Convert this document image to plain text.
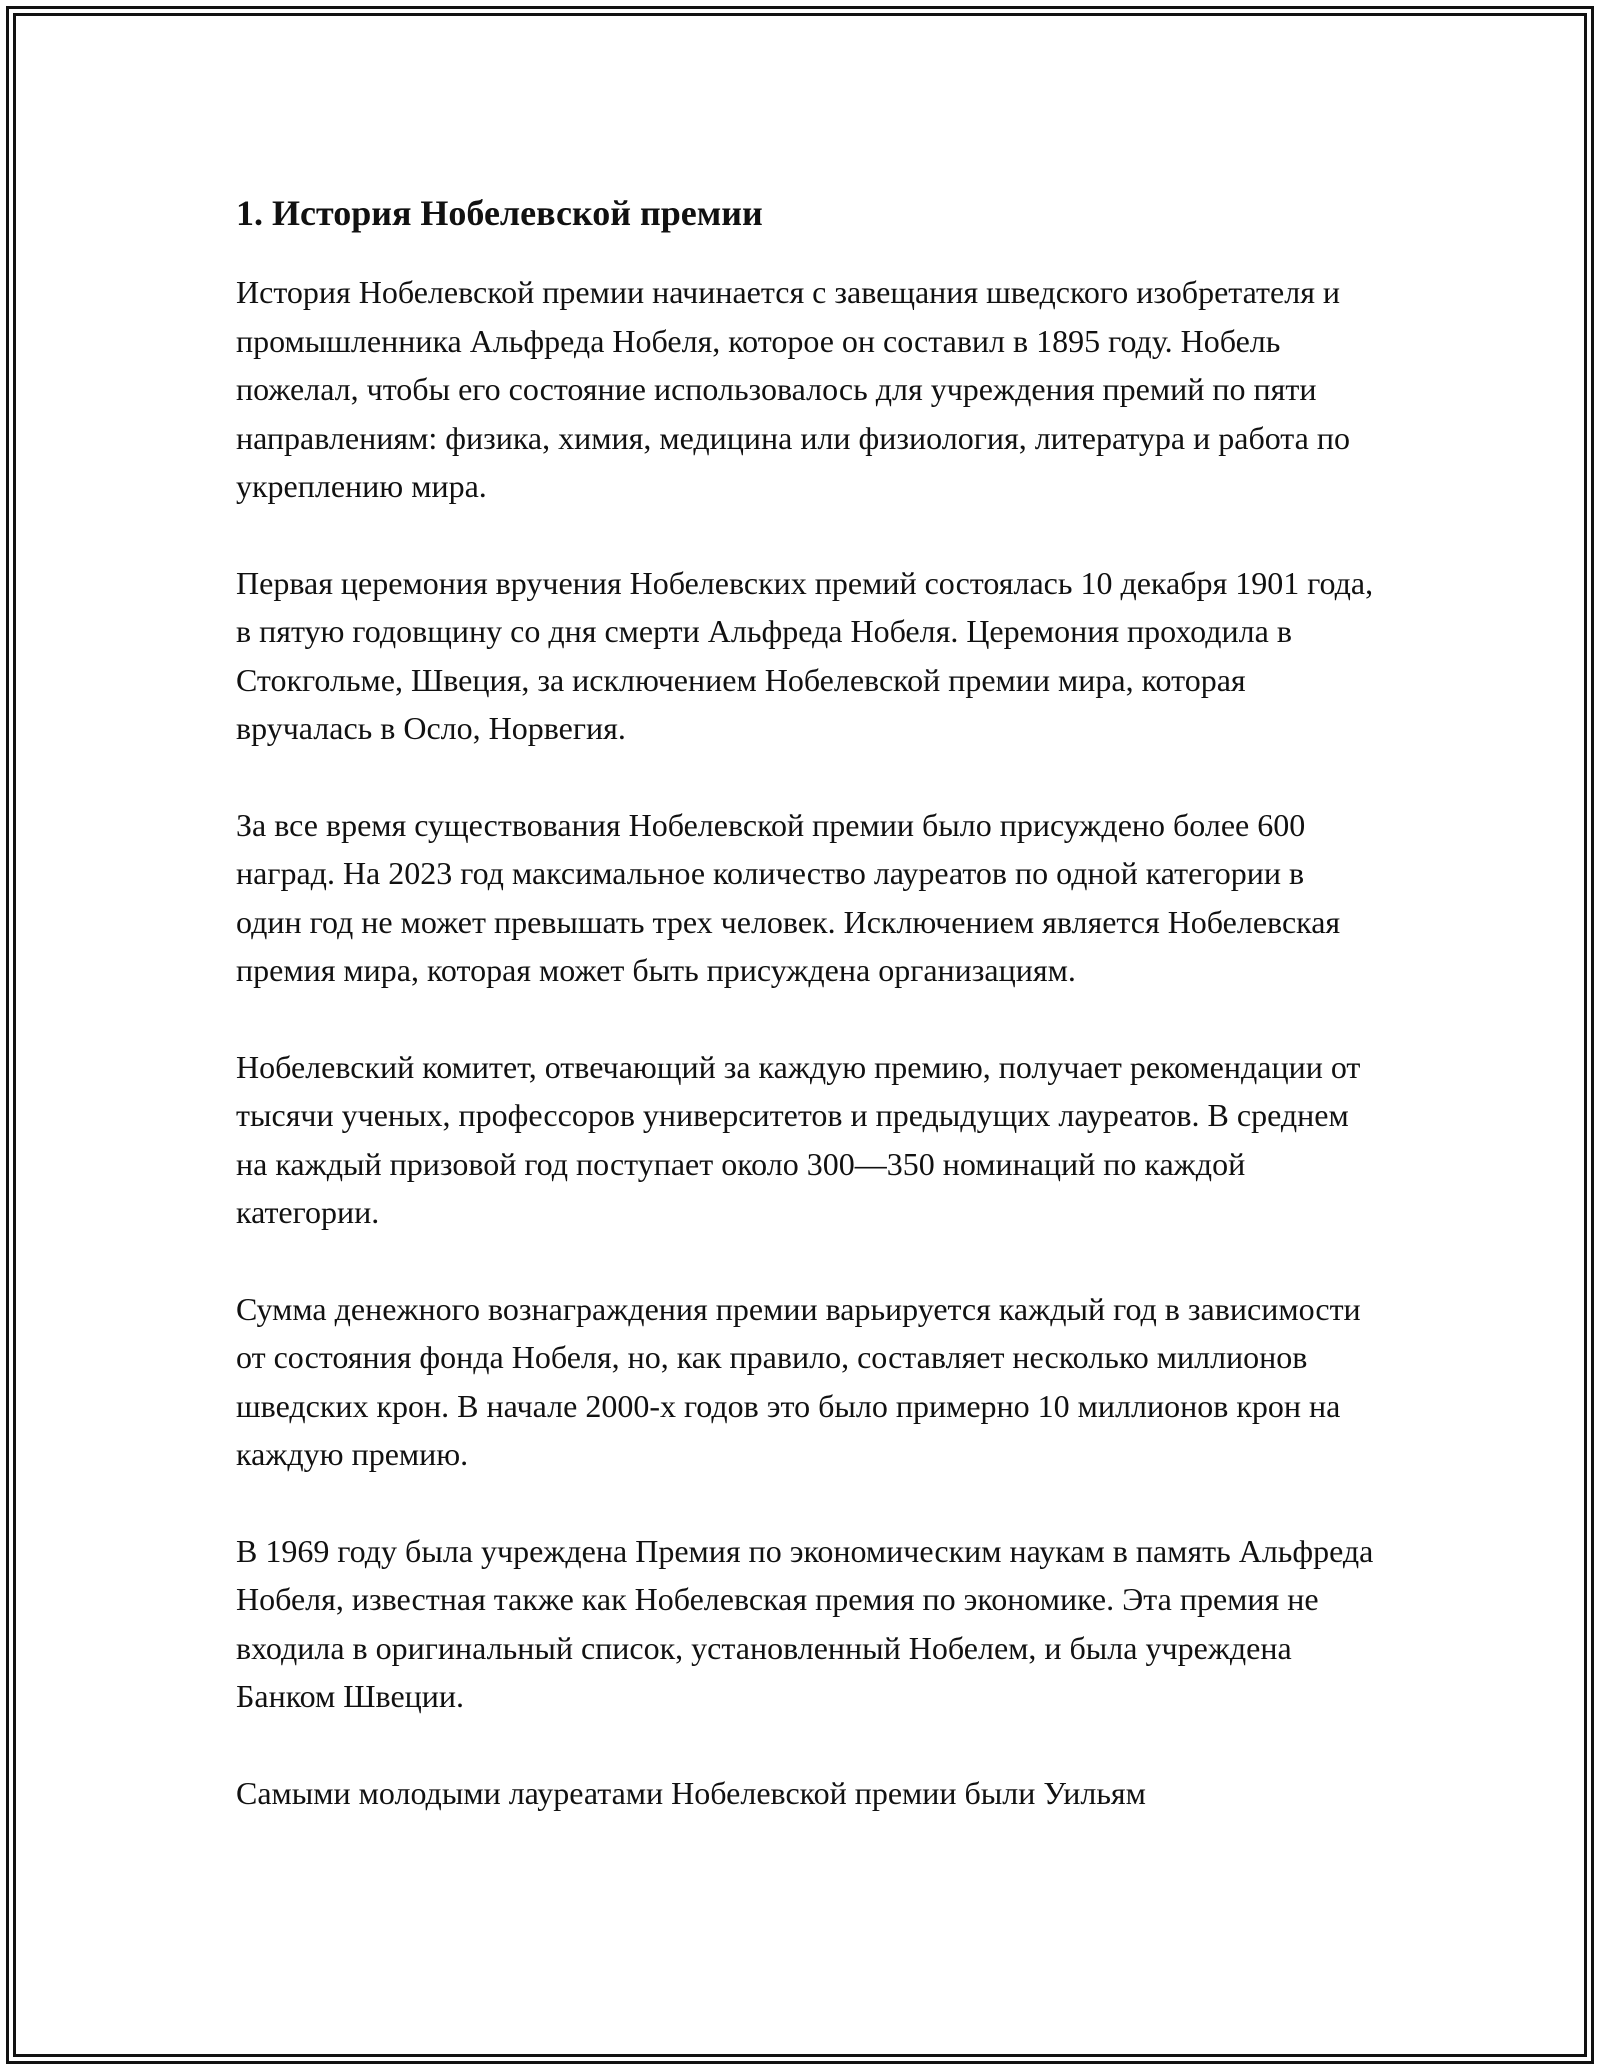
1. История Нобелевской премии

История Нобелевской премии начинается с завещания шведского изобретателя и промышленника Альфреда Нобеля, которое он составил в 1895 году. Нобель пожелал, чтобы его состояние использовалось для учреждения премий по пяти направлениям: физика, химия, медицина или физиология, литература и работа по укреплению мира.

Первая церемония вручения Нобелевских премий состоялась 10 декабря 1901 года, в пятую годовщину со дня смерти Альфреда Нобеля. Церемония проходила в Стокгольме, Швеция, за исключением Нобелевской премии мира, которая вручалась в Осло, Норвегия.

За все время существования Нобелевской премии было присуждено более 600 наград. На 2023 год максимальное количество лауреатов по одной категории в один год не может превышать трех человек. Исключением является Нобелевская премия мира, которая может быть присуждена организациям.

Нобелевский комитет, отвечающий за каждую премию, получает рекомендации от тысячи ученых, профессоров университетов и предыдущих лауреатов. В среднем на каждый призовой год поступает около 300—350 номинаций по каждой категории.

Сумма денежного вознаграждения премии варьируется каждый год в зависимости от состояния фонда Нобеля, но, как правило, составляет несколько миллионов шведских крон. В начале 2000-х годов это было примерно 10 миллионов крон на каждую премию.

В 1969 году была учреждена Премия по экономическим наукам в память Альфреда Нобеля, известная также как Нобелевская премия по экономике. Эта премия не входила в оригинальный список, установленный Нобелем, и была учреждена Банком Швеции.

Самыми молодыми лауреатами Нобелевской премии были Уильям
